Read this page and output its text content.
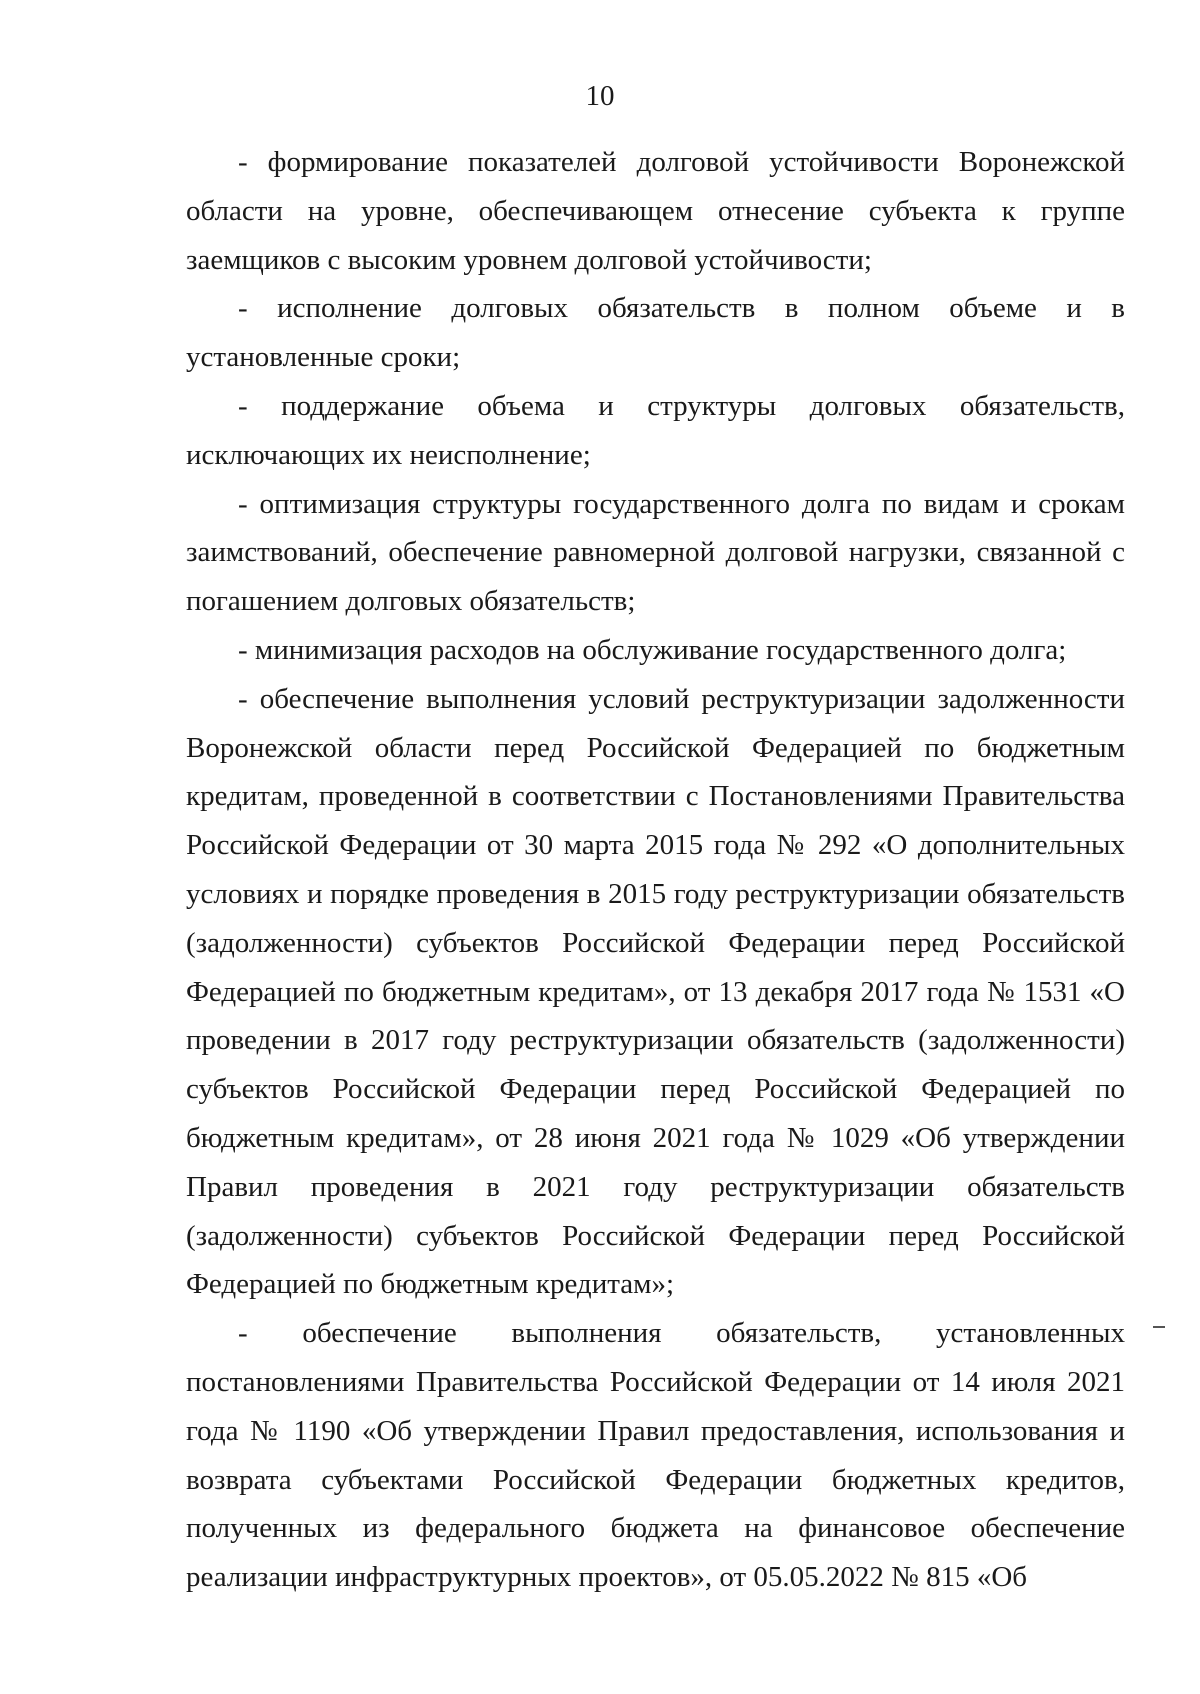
10

- формирование показателей долговой устойчивости Воронежской области на уровне, обеспечивающем отнесение субъекта к группе заемщиков с высоким уровнем долговой устойчивости;

- исполнение долговых обязательств в полном объеме и в установленные сроки;

- поддержание объема и структуры долговых обязательств, исключающих их неисполнение;

- оптимизация структуры государственного долга по видам и срокам заимствований, обеспечение равномерной долговой нагрузки, связанной с погашением долговых обязательств;

- минимизация расходов на обслуживание государственного долга;

- обеспечение выполнения условий реструктуризации задолженности Воронежской области перед Российской Федерацией по бюджетным кредитам, проведенной в соответствии с Постановлениями Правительства Российской Федерации от 30 марта 2015 года № 292 «О дополнительных условиях и порядке проведения в 2015 году реструктуризации обязательств (задолженности) субъектов Российской Федерации перед Российской Федерацией по бюджетным кредитам», от 13 декабря 2017 года № 1531 «О проведении в 2017 году реструктуризации обязательств (задолженности) субъектов Российской Федерации перед Российской Федерацией по бюджетным кредитам», от 28 июня 2021 года № 1029 «Об утверждении Правил проведения в 2021 году реструктуризации обязательств (задолженности) субъектов Российской Федерации перед Российской Федерацией по бюджетным кредитам»;

- обеспечение выполнения обязательств, установленных постановлениями Правительства Российской Федерации от 14 июля 2021 года № 1190 «Об утверждении Правил предоставления, использования и возврата субъектами Российской Федерации бюджетных кредитов, полученных из федерального бюджета на финансовое обеспечение реализации инфраструктурных проектов», от 05.05.2022 № 815 «Об
